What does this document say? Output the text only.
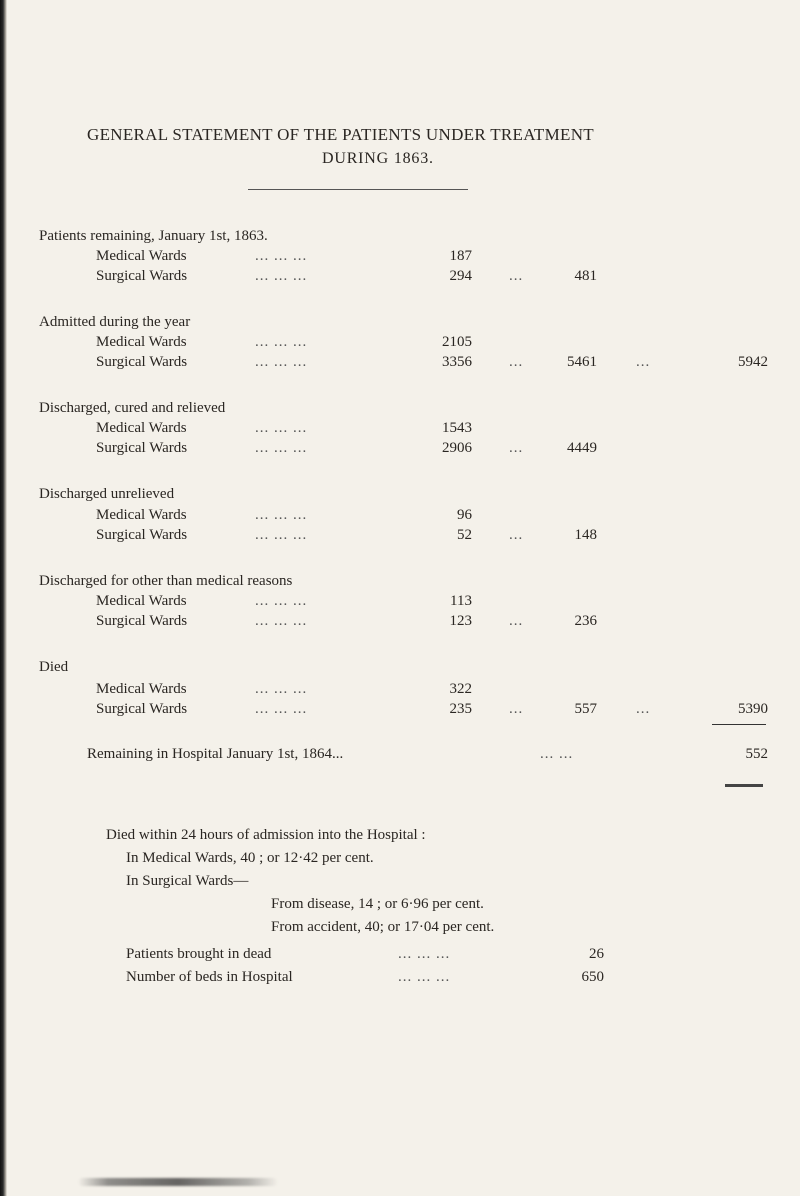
GENERAL STATEMENT OF THE PATIENTS UNDER TREATMENT
DURING 1863.
Patients remaining, January 1st, 1863.
Medical Wards	... ... ...	187
Surgical Wards	... ... ...	294 ...	481
Admitted during the year
Medical Wards	... ... ...	2105
Surgical Wards	... ... ...	3356 ...	5461	...	5942
Discharged, cured and relieved
Medical Wards	... ... ...	1543
Surgical Wards	... ... ...	2906 ...	4449
Discharged unrelieved
Medical Wards	... ... ...	96
Surgical Wards	... ... ...	52 ...	148
Discharged for other than medical reasons
Medical Wards	... ... ...	113
Surgical Wards	... ... ...	123 ...	236
Died
Medical Wards	... ... ...	322
Surgical Wards	... ... ...	235 ...	557	...	5390
Remaining in Hospital January 1st, 1864...	... ...	552
Died within 24 hours of admission into the Hospital :
In Medical Wards, 40 ; or 12·42 per cent.
In Surgical Wards—
From disease, 14 ; or 6·96 per cent.
From accident, 40; or 17·04 per cent.
Patients brought in dead	... ... ...	26
Number of beds in Hospital	... ... ...	650
